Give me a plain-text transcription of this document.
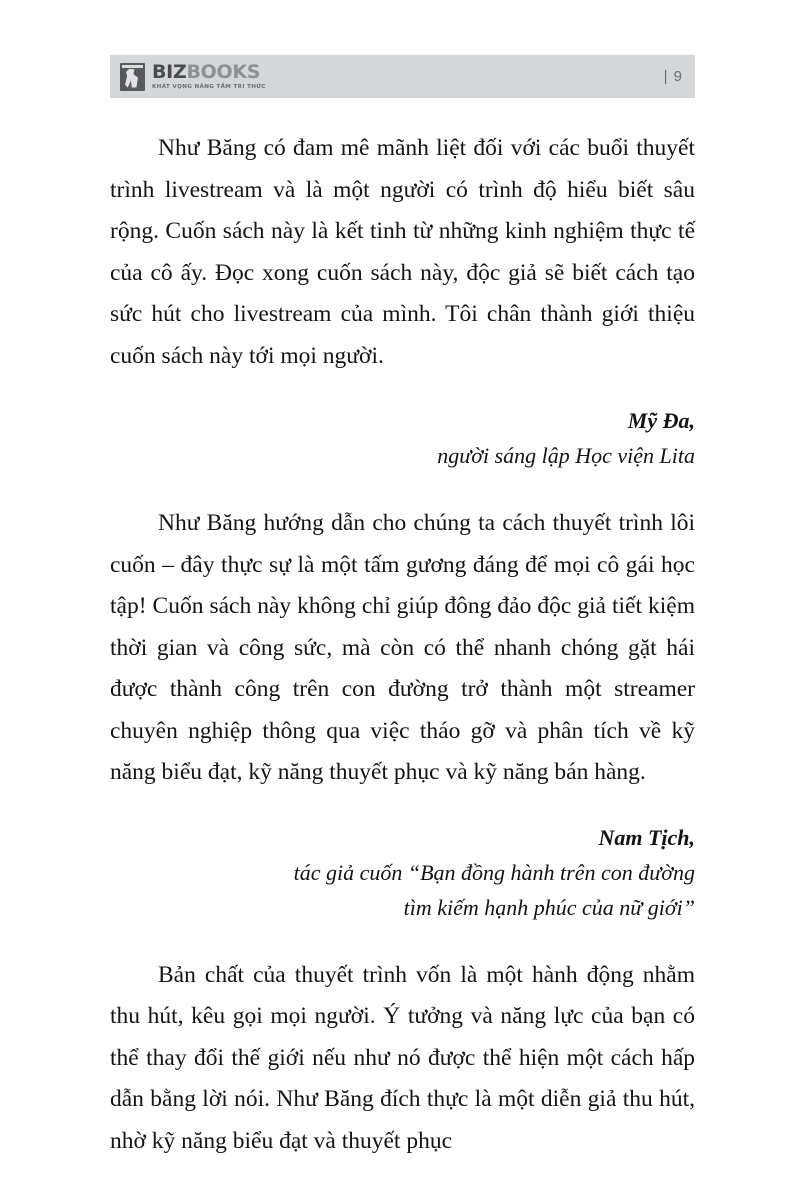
BIZBOOKS
KHÁT VỌNG NÂNG TẦM TRI THỨC
| 9

Như Băng có đam mê mãnh liệt đối với các buổi thuyết trình livestream và là một người có trình độ hiểu biết sâu rộng. Cuốn sách này là kết tinh từ những kinh nghiệm thực tế của cô ấy. Đọc xong cuốn sách này, độc giả sẽ biết cách tạo sức hút cho livestream của mình. Tôi chân thành giới thiệu cuốn sách này tới mọi người.

Mỹ Đa,
người sáng lập Học viện Lita

Như Băng hướng dẫn cho chúng ta cách thuyết trình lôi cuốn – đây thực sự là một tấm gương đáng để mọi cô gái học tập! Cuốn sách này không chỉ giúp đông đảo độc giả tiết kiệm thời gian và công sức, mà còn có thể nhanh chóng gặt hái được thành công trên con đường trở thành một streamer chuyên nghiệp thông qua việc tháo gỡ và phân tích về kỹ năng biểu đạt, kỹ năng thuyết phục và kỹ năng bán hàng.

Nam Tịch,
tác giả cuốn “Bạn đồng hành trên con đường
tìm kiếm hạnh phúc của nữ giới”

Bản chất của thuyết trình vốn là một hành động nhằm thu hút, kêu gọi mọi người. Ý tưởng và năng lực của bạn có thể thay đổi thế giới nếu như nó được thể hiện một cách hấp dẫn bằng lời nói. Như Băng đích thực là một diễn giả thu hút, nhờ kỹ năng biểu đạt và thuyết phục
